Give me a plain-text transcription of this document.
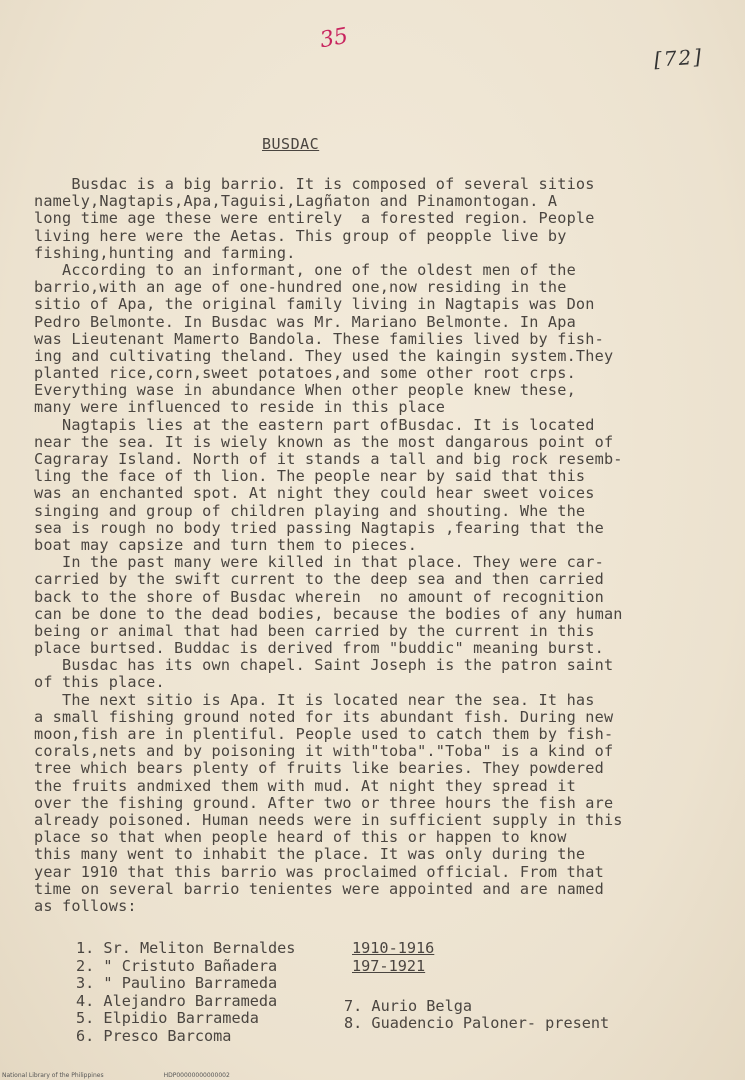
35
[72]
BUSDAC
Busdac is a big barrio. It is composed of several sitios
namely,Nagtapis,Apa,Taguisi,Lagñaton and Pinamontogan. A
long time age these were entirely  a forested region. People
living here were the Aetas. This group of peopple live by
fishing,hunting and farming.
According to an informant, one of the oldest men of the
barrio,with an age of one-hundred one,now residing in the
sitio of Apa, the original family living in Nagtapis was Don
Pedro Belmonte. In Busdac was Mr. Mariano Belmonte. In Apa
was Lieutenant Mamerto Bandola. These families lived by fish-
ing and cultivating theland. They used the kaingin system.They
planted rice,corn,sweet potatoes,and some other root crps.
Everything wase in abundance When other people knew these,
many were influenced to reside in this place
Nagtapis lies at the eastern part ofBusdac. It is located
near the sea. It is wiely known as the most dangarous point of
Cagraray Island. North of it stands a tall and big rock resemb-
ling the face of th lion. The people near by said that this
was an enchanted spot. At night they could hear sweet voices
singing and group of children playing and shouting. Whe the
sea is rough no body tried passing Nagtapis ,fearing that the
boat may capsize and turn them to pieces.
In the past many were killed in that place. They were car-
carried by the swift current to the deep sea and then carried
back to the shore of Busdac wherein  no amount of recognition
can be done to the dead bodies, because the bodies of any human
being or animal that had been carried by the current in this
place burtsed. Buddac is derived from "buddic" meaning burst.
Busdac has its own chapel. Saint Joseph is the patron saint
of this place.
The next sitio is Apa. It is located near the sea. It has
a small fishing ground noted for its abundant fish. During new
moon,fish are in plentiful. People used to catch them by fish-
corals,nets and by poisoning it with"toba"."Toba" is a kind of
tree which bears plenty of fruits like bearies. They powdered
the fruits andmixed them with mud. At night they spread it
over the fishing ground. After two or three hours the fish are
already poisoned. Human needs were in sufficient supply in this
place so that when people heard of this or happen to know
this many went to inhabit the place. It was only during the
year 1910 that this barrio was proclaimed official. From that
time on several barrio tenientes were appointed and are named
as follows:
1. Sr. Meliton Bernaldes	1910-1916
2. " Cristuto Bañadera	197-1921
3. " Paulino Barrameda
4. Alejandro Barrameda	7. Aurio Belga
5. Elpidio Barrameda	8. Guadencio Paloner- present
6. Presco Barcoma
National Library of the Philippines	HDP00000000000002
